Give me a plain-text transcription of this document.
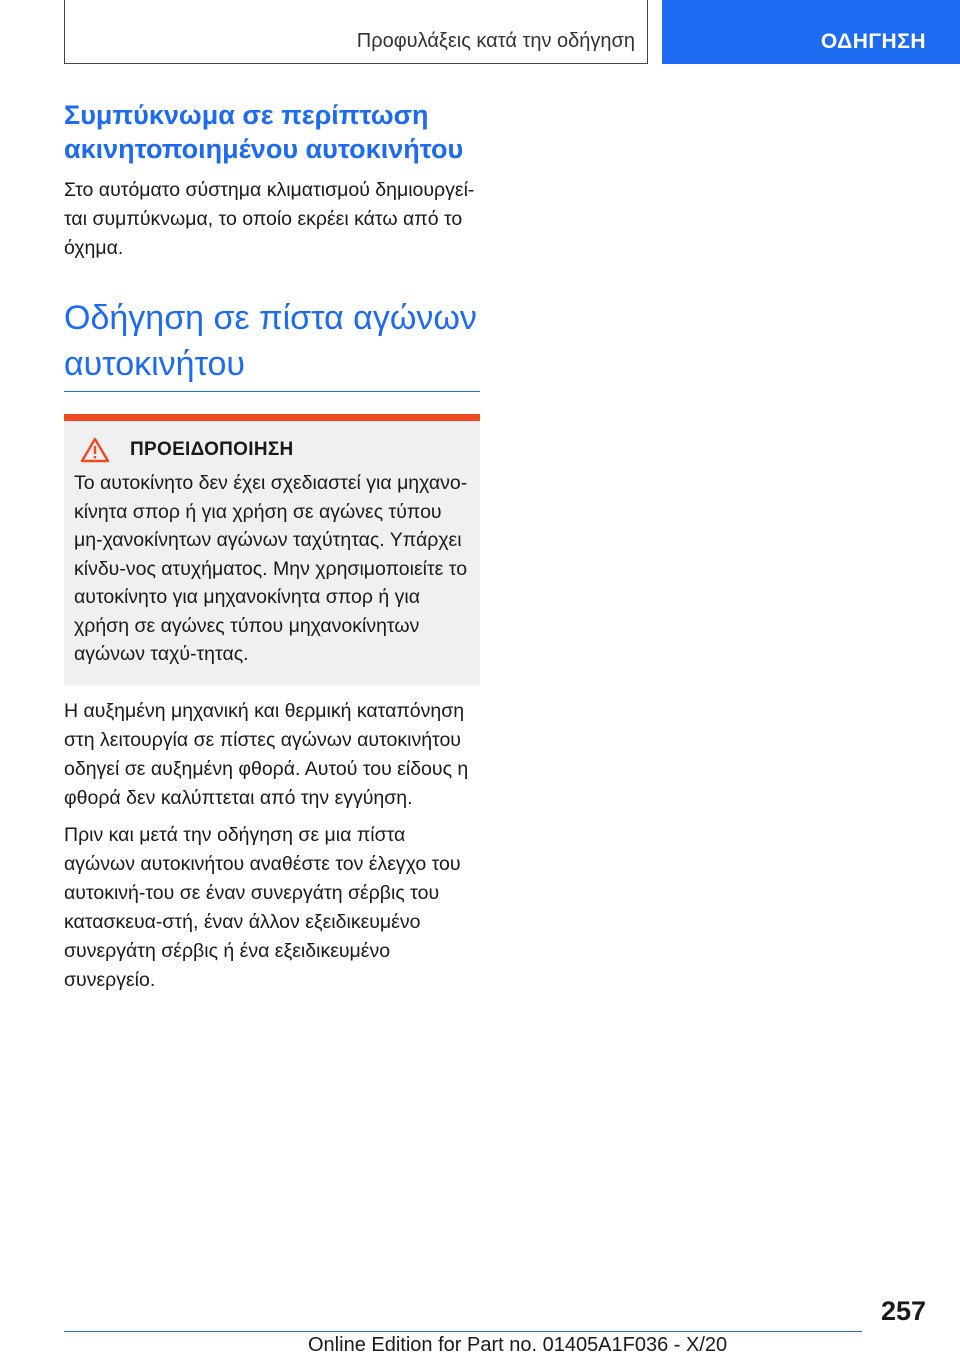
Προφυλάξεις κατά την οδήγηση	ΟΔΗΓΗΣΗ
Συμπύκνωμα σε περίπτωση ακινητοποιημένου αυτοκινήτου

Στο αυτόματο σύστημα κλιματισμού δημιουργεί-ται συμπύκνωμα, το οποίο εκρέει κάτω από το όχημα.

Οδήγηση σε πίστα αγώνων αυτοκινήτου
ΠΡΟΕΙΔΟΠΟΙΗΣΗ

Το αυτοκίνητο δεν έχει σχεδιαστεί για μηχανο-κίνητα σπορ ή για χρήση σε αγώνες τύπου μη-χανοκίνητων αγώνων ταχύτητας. Υπάρχει κίνδυ-νος ατυχήματος. Μην χρησιμοποιείτε το αυτοκίνητο για μηχανοκίνητα σπορ ή για χρήση σε αγώνες τύπου μηχανοκίνητων αγώνων ταχύ-τητας.

Η αυξημένη μηχανική και θερμική καταπόνηση στη λειτουργία σε πίστες αγώνων αυτοκινήτου οδηγεί σε αυξημένη φθορά. Αυτού του είδους η φθορά δεν καλύπτεται από την εγγύηση.

Πριν και μετά την οδήγηση σε μια πίστα αγώνων αυτοκινήτου αναθέστε τον έλεγχο του αυτοκινή-του σε έναν συνεργάτη σέρβις του κατασκευα-στή, έναν άλλον εξειδικευμένο συνεργάτη σέρβις ή ένα εξειδικευμένο συνεργείο.

257
Online Edition for Part no. 01405A1F036 - X/20
